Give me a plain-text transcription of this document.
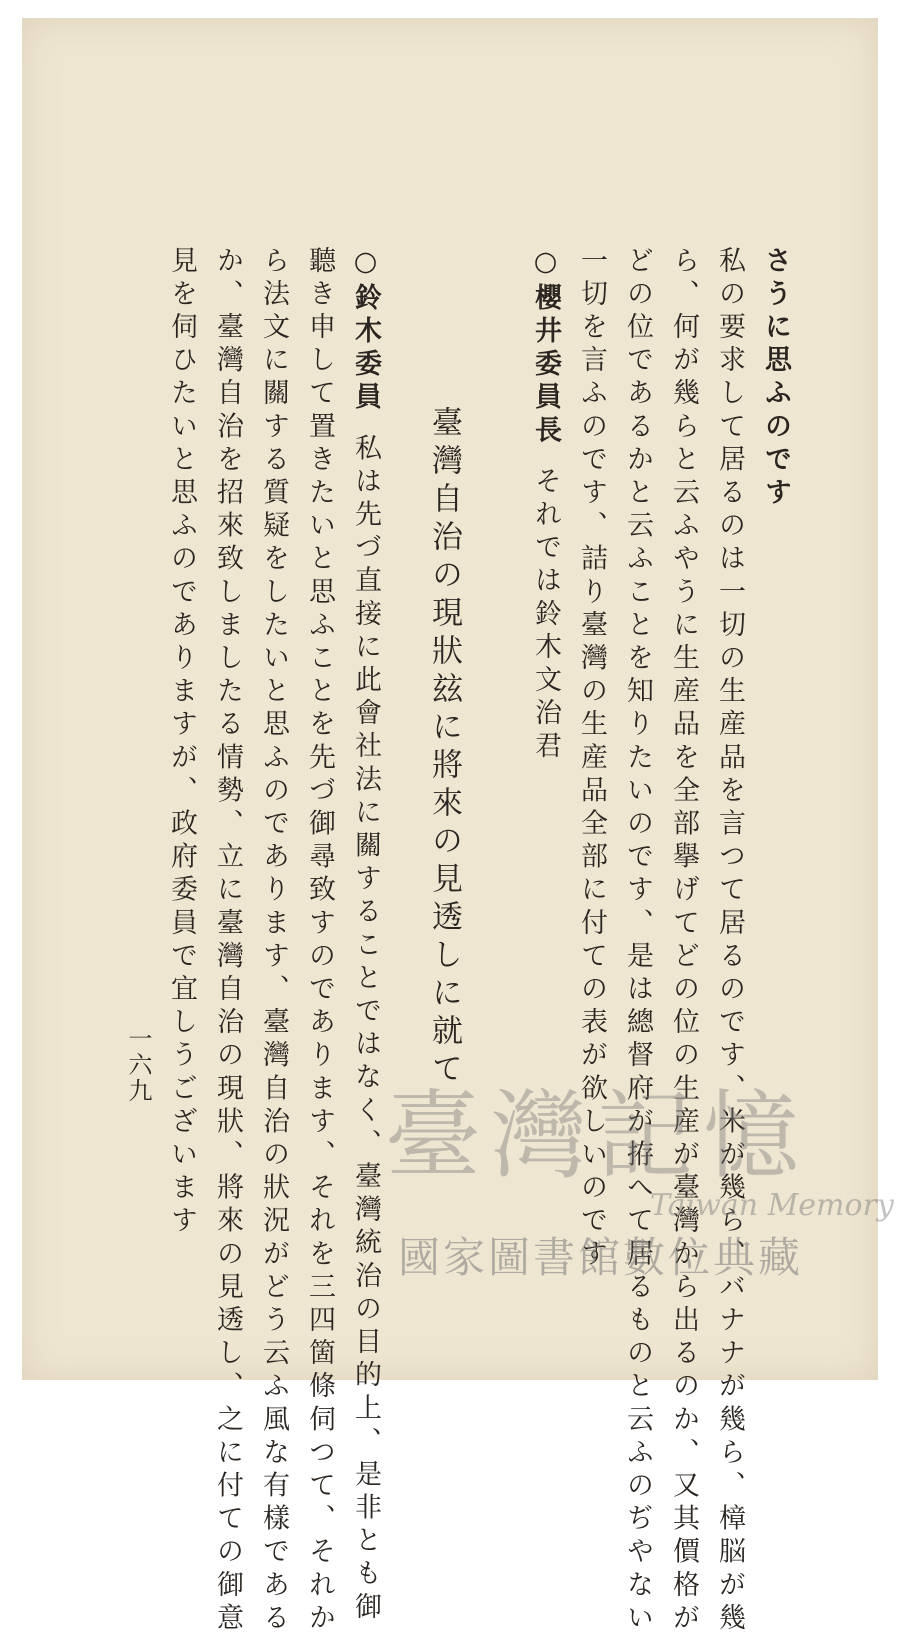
さうに思ふのです
私の要求して居るのは一切の生産品を言つて居るのです、米が幾ら、バナナが幾ら、樟脳が幾
ら、何が幾らと云ふやうに生産品を全部擧げてどの位の生産が臺灣から出るのか、又其價格が
どの位であるかと云ふことを知りたいのです、是は總督府が拵へて居るものと云ふのぢやない
一切を言ふのです、詰り臺灣の生産品全部に付ての表が欲しいのです
○櫻井委員長それでは鈴木文治君
臺灣自治の現狀玆に將來の見透しに就て
○鈴木委員私は先づ直接に此會社法に關することではなく、臺灣統治の目的上、是非とも御
聽き申して置きたいと思ふことを先づ御尋致すのであります、それを三四箇條伺つて、それか
ら法文に關する質疑をしたいと思ふのであります、臺灣自治の狀況がどう云ふ風な有樣である
か、臺灣自治を招來致しましたる情勢、立に臺灣自治の現狀、將來の見透し、之に付ての御意
見を伺ひたいと思ふのでありますが、政府委員で宜しうございます
一六九
臺灣記憶
Taiwan Memory
國家圖書館數位典藏
